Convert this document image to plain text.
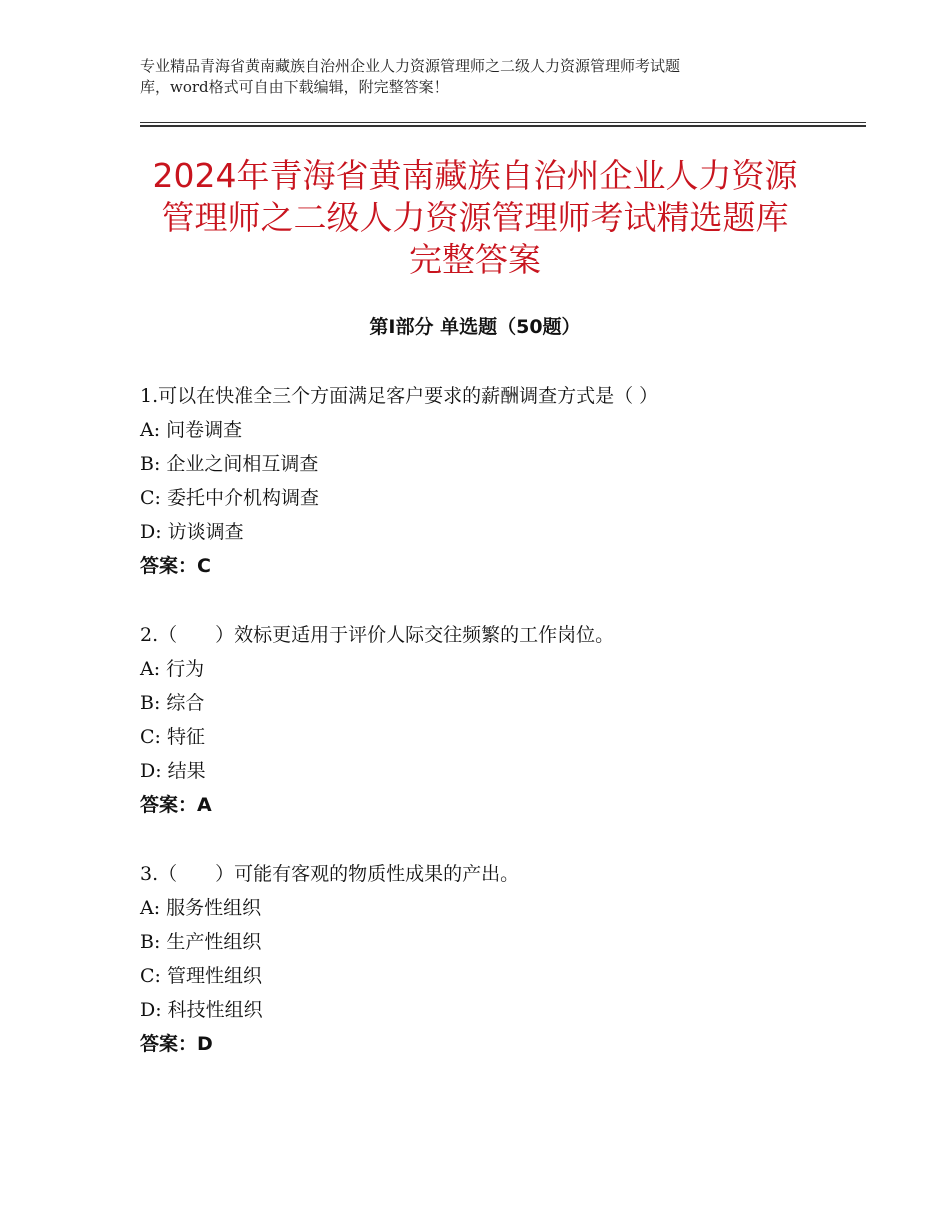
专业精品青海省黄南藏族自治州企业人力资源管理师之二级人力资源管理师考试题
库，word格式可自由下载编辑，附完整答案！
2024年青海省黄南藏族自治州企业人力资源
管理师之二级人力资源管理师考试精选题库
完整答案
第Ⅰ部分 单选题（50题）
1.可以在快准全三个方面满足客户要求的薪酬调查方式是（ ）
A: 问卷调查
B: 企业之间相互调查
C: 委托中介机构调查
D: 访谈调查
答案：C
2.（　　）效标更适用于评价人际交往频繁的工作岗位。
A: 行为
B: 综合
C: 特征
D: 结果
答案：A
3.（　　）可能有客观的物质性成果的产出。
A: 服务性组织
B: 生产性组织
C: 管理性组织
D: 科技性组织
答案：D
